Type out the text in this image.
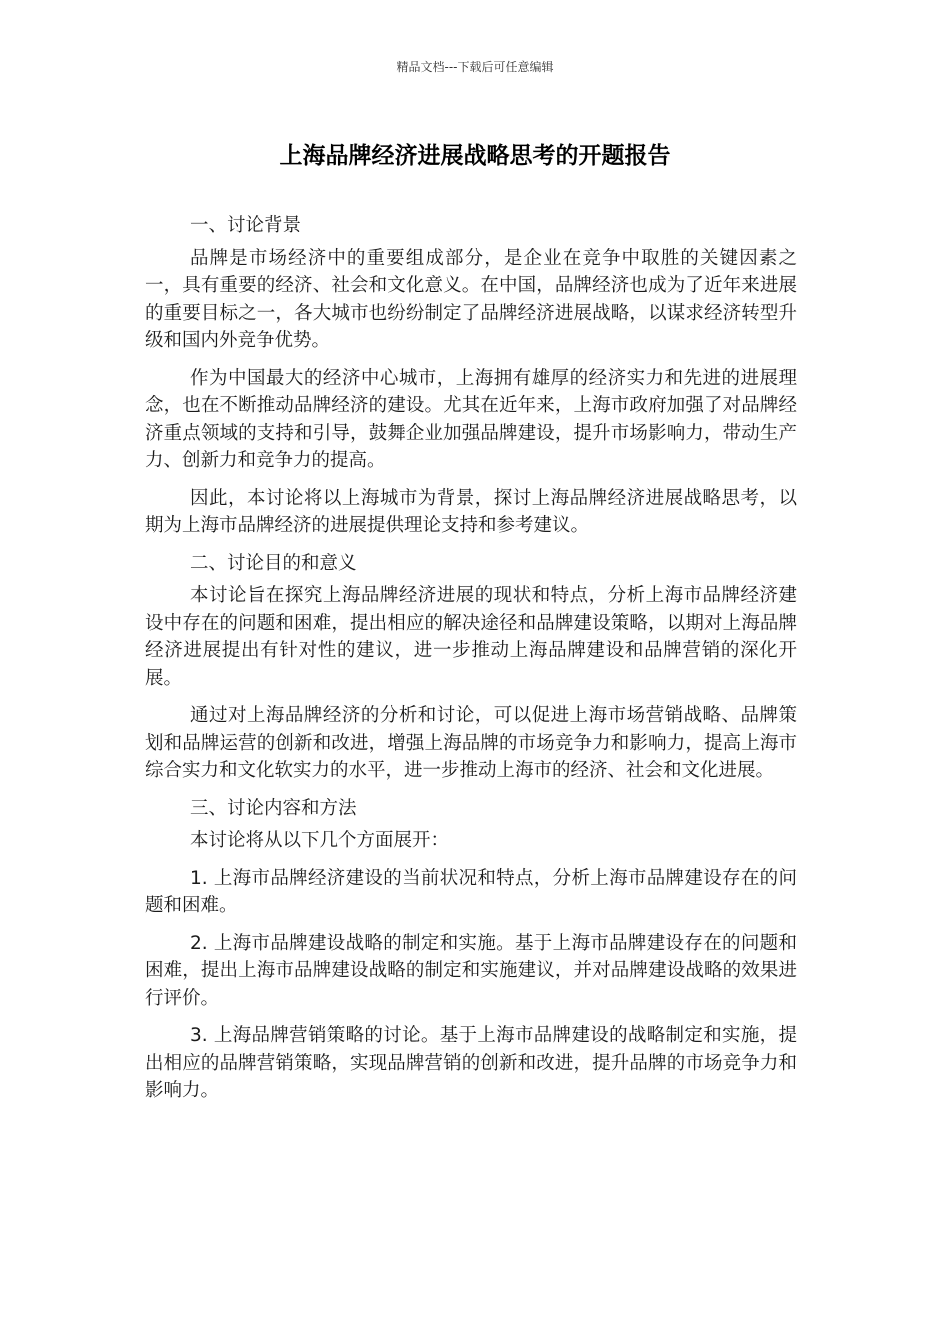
精品文档---下载后可任意编辑
上海品牌经济进展战略思考的开题报告

一、讨论背景

品牌是市场经济中的重要组成部分，是企业在竞争中取胜的关键因素之一，具有重要的经济、社会和文化意义。在中国，品牌经济也成为了近年来进展的重要目标之一，各大城市也纷纷制定了品牌经济进展战略，以谋求经济转型升级和国内外竞争优势。

作为中国最大的经济中心城市，上海拥有雄厚的经济实力和先进的进展理念，也在不断推动品牌经济的建设。尤其在近年来，上海市政府加强了对品牌经济重点领域的支持和引导，鼓舞企业加强品牌建设，提升市场影响力，带动生产力、创新力和竞争力的提高。

因此，本讨论将以上海城市为背景，探讨上海品牌经济进展战略思考，以期为上海市品牌经济的进展提供理论支持和参考建议。

二、讨论目的和意义

本讨论旨在探究上海品牌经济进展的现状和特点，分析上海市品牌经济建设中存在的问题和困难，提出相应的解决途径和品牌建设策略，以期对上海品牌经济进展提出有针对性的建议，进一步推动上海品牌建设和品牌营销的深化开展。

通过对上海品牌经济的分析和讨论，可以促进上海市场营销战略、品牌策划和品牌运营的创新和改进，增强上海品牌的市场竞争力和影响力，提高上海市综合实力和文化软实力的水平，进一步推动上海市的经济、社会和文化进展。

三、讨论内容和方法

本讨论将从以下几个方面展开：

1. 上海市品牌经济建设的当前状况和特点，分析上海市品牌建设存在的问题和困难。

2. 上海市品牌建设战略的制定和实施。基于上海市品牌建设存在的问题和困难，提出上海市品牌建设战略的制定和实施建议，并对品牌建设战略的效果进行评价。

3. 上海品牌营销策略的讨论。基于上海市品牌建设的战略制定和实施，提出相应的品牌营销策略，实现品牌营销的创新和改进，提升品牌的市场竞争力和影响力。
